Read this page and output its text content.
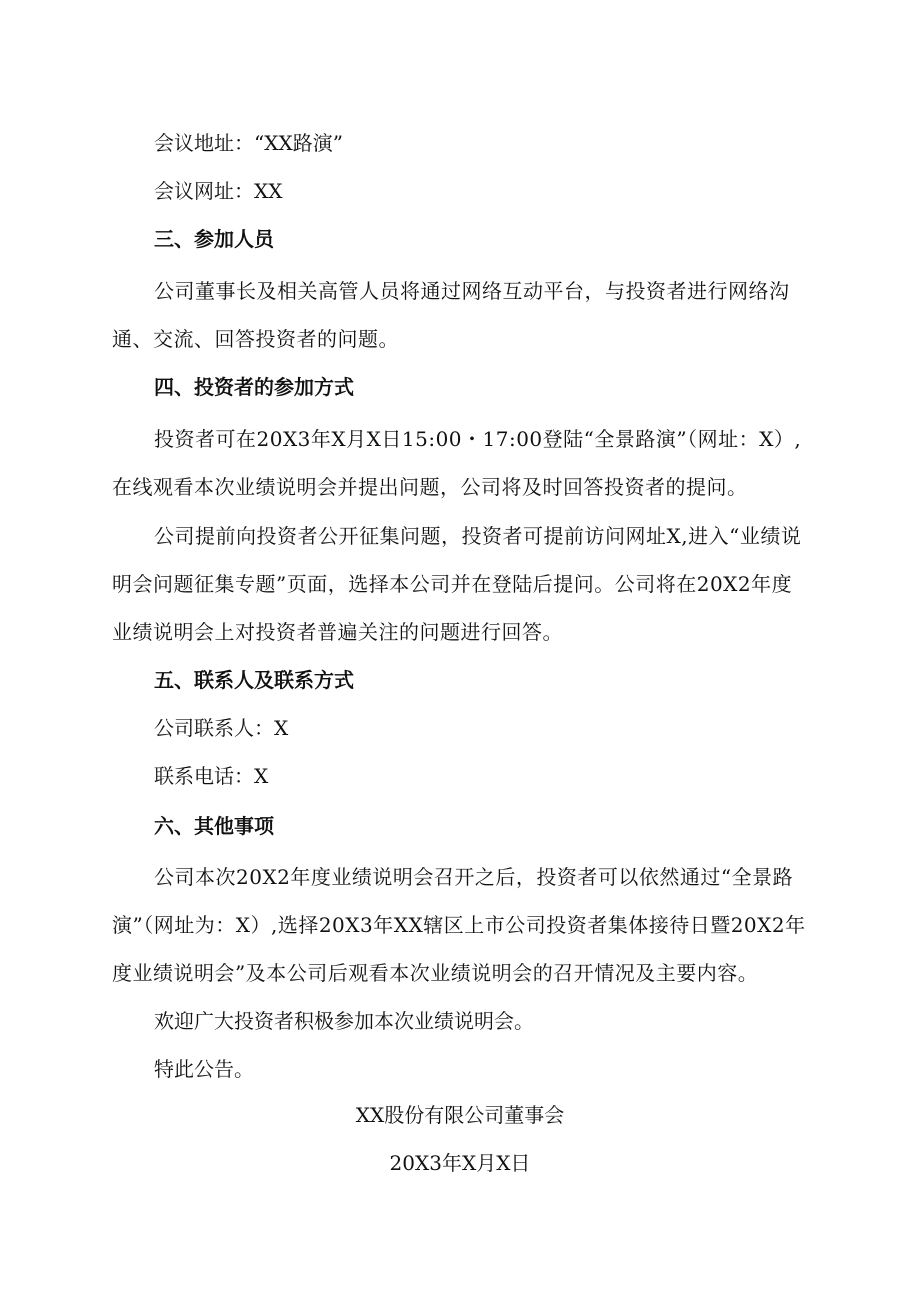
会议地址：“XX路演”

会议网址：XX

三、参加人员

公司董事长及相关高管人员将通过网络互动平台，与投资者进行网络沟通、交流、回答投资者的问题。

四、投资者的参加方式

投资者可在20X3年X月X日15:00・17:00登陆“全景路演”（网址：X）,在线观看本次业绩说明会并提出问题，公司将及时回答投资者的提问。

公司提前向投资者公开征集问题，投资者可提前访问网址X,进入“业绩说明会问题征集专题”页面，选择本公司并在登陆后提问。公司将在20X2年度业绩说明会上对投资者普遍关注的问题进行回答。

五、联系人及联系方式

公司联系人：X

联系电话：X

六、其他事项

公司本次20X2年度业绩说明会召开之后，投资者可以依然通过“全景路演”（网址为：X）,选择20X3年XX辖区上市公司投资者集体接待日暨20X2年度业绩说明会”及本公司后观看本次业绩说明会的召开情况及主要内容。

欢迎广大投资者积极参加本次业绩说明会。

特此公告。

XX股份有限公司董事会

20X3年X月X日
